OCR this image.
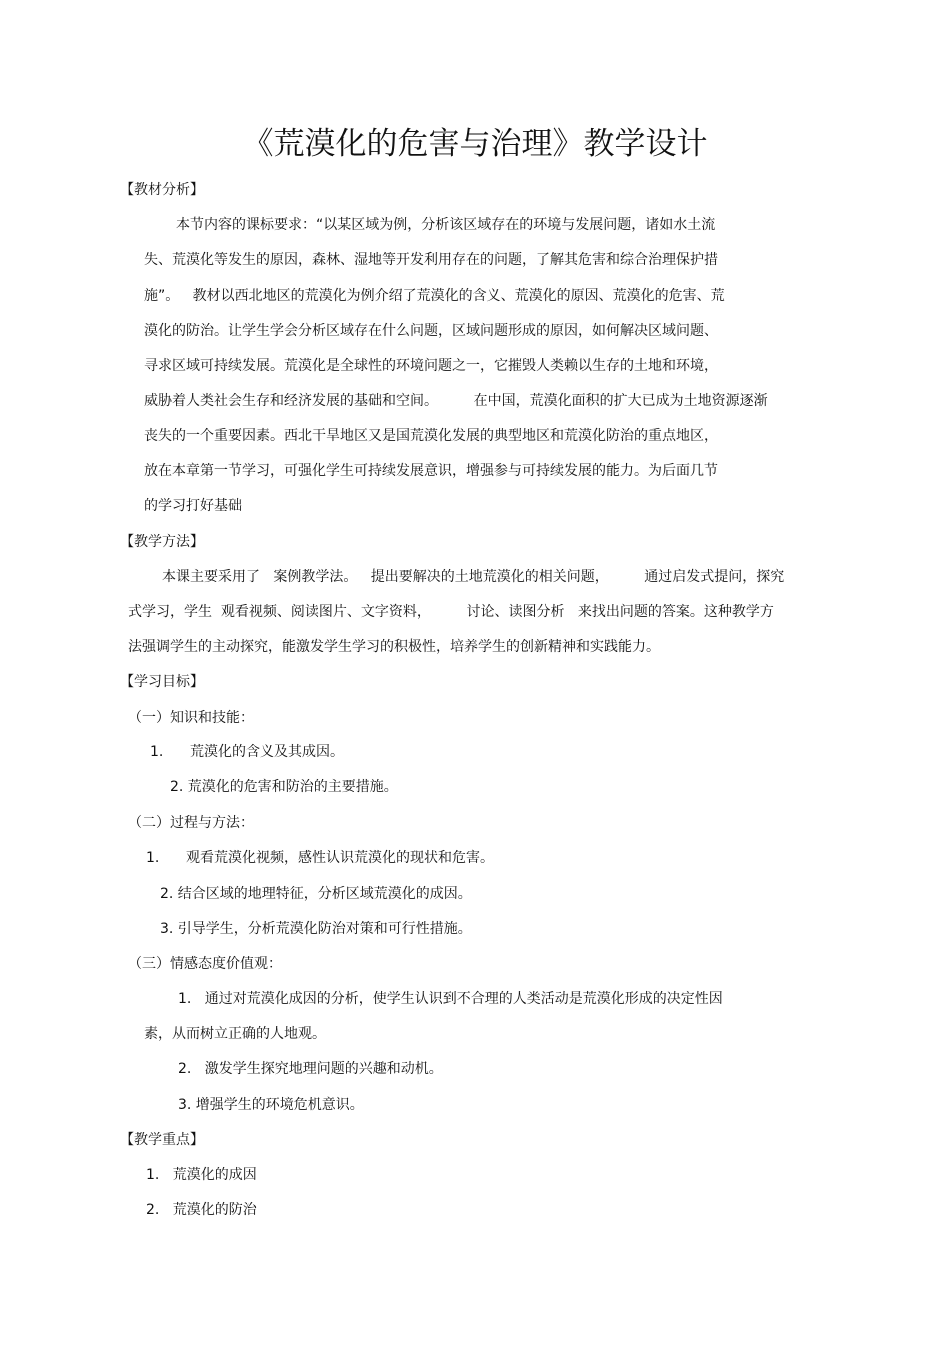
《荒漠化的危害与治理》教学设计
【教材分析】
本节内容的课标要求：“以某区域为例，分析该区域存在的环境与发展问题，诸如水土流
失、荒漠化等发生的原因，森林、湿地等开发利用存在的问题，了解其危害和综合治理保护措
施”。   教材以西北地区的荒漠化为例介绍了荒漠化的含义、荒漠化的原因、荒漠化的危害、荒
漠化的防治。让学生学会分析区域存在什么问题，区域问题形成的原因，如何解决区域问题、
寻求区域可持续发展。荒漠化是全球性的环境问题之一，它摧毁人类赖以生存的土地和环境，
威胁着人类社会生存和经济发展的基础和空间。        在中国，荒漠化面积的扩大已成为土地资源逐渐
丧失的一个重要因素。西北干旱地区又是国荒漠化发展的典型地区和荒漠化防治的重点地区，
放在本章第一节学习，可强化学生可持续发展意识，增强参与可持续发展的能力。为后面几节
的学习打好基础
【教学方法】
本课主要采用了   案例教学法。   提出要解决的土地荒漠化的相关问题，        通过启发式提问，探究
式学习，学生  观看视频、阅读图片、文字资料，        讨论、读图分析   来找出问题的答案。这种教学方
法强调学生的主动探究，能激发学生学习的积极性，培养学生的创新精神和实践能力。
【学习目标】
（一）知识和技能：
1.      荒漠化的含义及其成因。
2. 荒漠化的危害和防治的主要措施。
（二）过程与方法：
1.      观看荒漠化视频，感性认识荒漠化的现状和危害。
2. 结合区域的地理特征，分析区域荒漠化的成因。
3. 引导学生，分析荒漠化防治对策和可行性措施。
（三）情感态度价值观：
1.   通过对荒漠化成因的分析，使学生认识到不合理的人类活动是荒漠化形成的决定性因
素，从而树立正确的人地观。
2.   激发学生探究地理问题的兴趣和动机。
3. 增强学生的环境危机意识。
【教学重点】
1.   荒漠化的成因
2.   荒漠化的防治
